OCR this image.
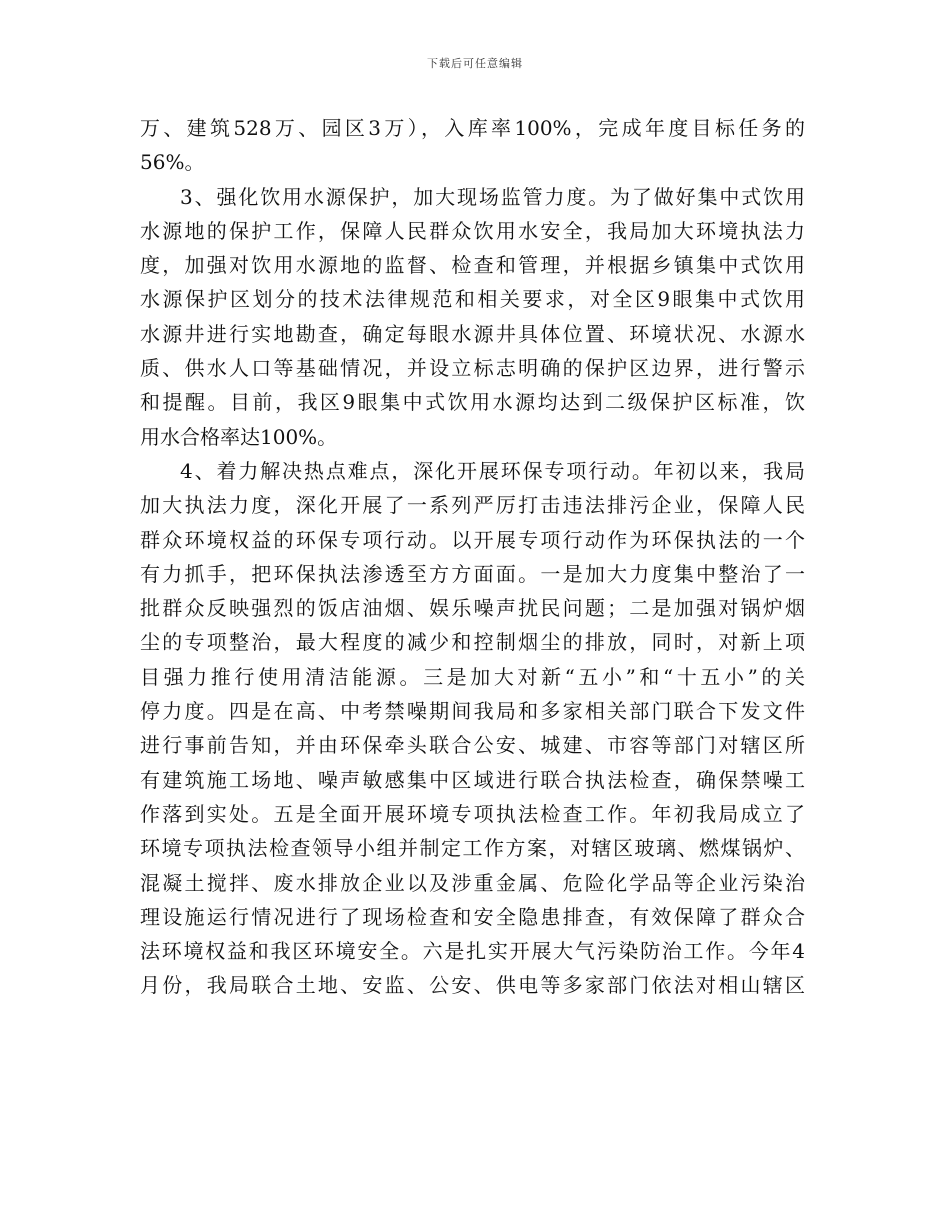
下载后可任意编辑
万、建筑528万、园区3万），入库率100%，完成年度目标任务的
56%。
3、强化饮用水源保护，加大现场监管力度。为了做好集中式饮用
水源地的保护工作，保障人民群众饮用水安全，我局加大环境执法力
度，加强对饮用水源地的监督、检查和管理，并根据乡镇集中式饮用
水源保护区划分的技术法律规范和相关要求，对全区9眼集中式饮用
水源井进行实地勘查，确定每眼水源井具体位置、环境状况、水源水
质、供水人口等基础情况，并设立标志明确的保护区边界，进行警示
和提醒。目前，我区9眼集中式饮用水源均达到二级保护区标准，饮
用水合格率达100%。
4、着力解决热点难点，深化开展环保专项行动。年初以来，我局
加大执法力度，深化开展了一系列严厉打击违法排污企业，保障人民
群众环境权益的环保专项行动。以开展专项行动作为环保执法的一个
有力抓手，把环保执法渗透至方方面面。一是加大力度集中整治了一
批群众反映强烈的饭店油烟、娱乐噪声扰民问题；二是加强对锅炉烟
尘的专项整治，最大程度的减少和控制烟尘的排放，同时，对新上项
目强力推行使用清洁能源。三是加大对新“五小”和“十五小”的关
停力度。四是在高、中考禁噪期间我局和多家相关部门联合下发文件
进行事前告知，并由环保牵头联合公安、城建、市容等部门对辖区所
有建筑施工场地、噪声敏感集中区域进行联合执法检查，确保禁噪工
作落到实处。五是全面开展环境专项执法检查工作。年初我局成立了
环境专项执法检查领导小组并制定工作方案，对辖区玻璃、燃煤锅炉、
混凝土搅拌、废水排放企业以及涉重金属、危险化学品等企业污染治
理设施运行情况进行了现场检查和安全隐患排查，有效保障了群众合
法环境权益和我区环境安全。六是扎实开展大气污染防治工作。今年4
月份，我局联合土地、安监、公安、供电等多家部门依法对相山辖区
